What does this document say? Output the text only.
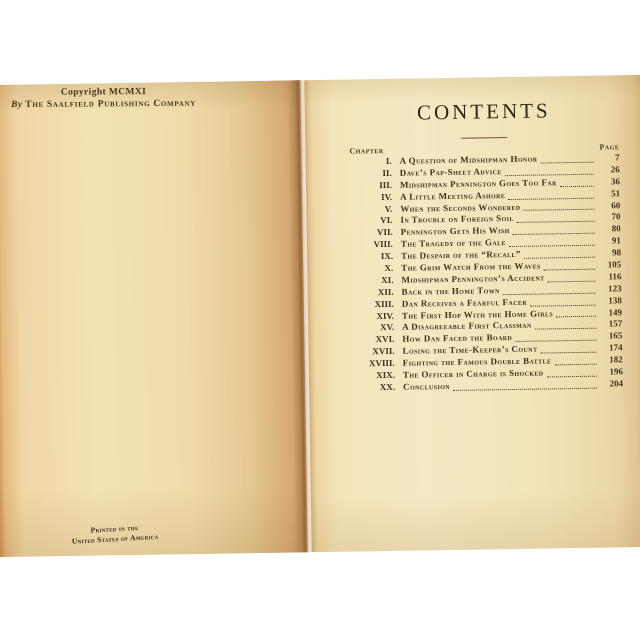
Copyright MCMXI
By The Saalfield Publishing Company
Printed in the
United States of America
CONTENTS
Chapter	Page
I. A Question of Midshipman Honor	7
II. Dave’s Pap-Sheet Advice	26
III. Midshipman Pennington Goes Too Far	36
IV. A Little Meeting Ashore	51
V. When the Seconds Wondered	60
VI. In Trouble on Foreign Soil	70
VII. Pennington Gets His Wish	80
VIII. The Tragedy of the Gale	91
IX. The Despair of the “Recall”	98
X. The Grim Watch From the Waves	105
XI. Midshipman Pennington’s Accident	116
XII. Back in the Home Town	123
XIII. Dan Receives a Fearful Facer	138
XIV. The First Hop With the Home Girls	149
XV. A Disagreeable First Classman	157
XVI. How Dan Faced the Board	165
XVII. Losing the Time-Keeper’s Count	174
XVIII. Fighting the Famous Double Battle	182
XIX. The Officer in Charge is Shocked	196
XX. Conclusion	204
